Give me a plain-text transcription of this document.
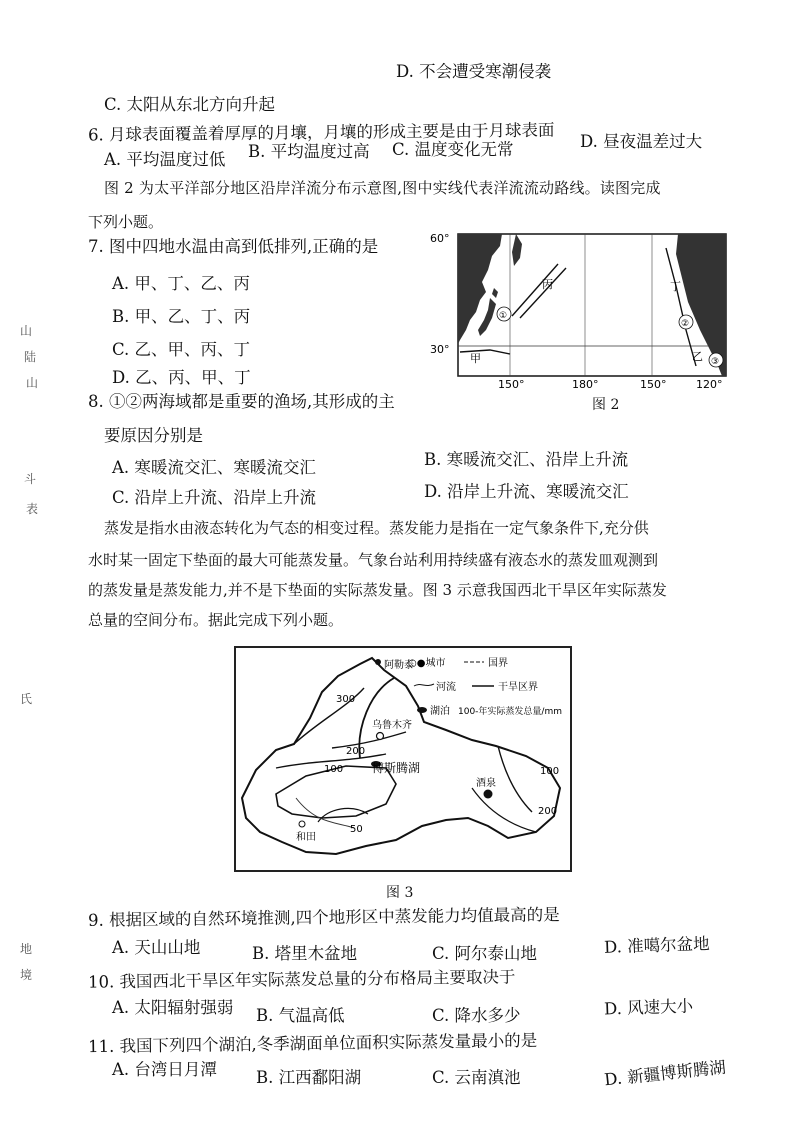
山
陆
山
斗
表
氏
地
境
D. 不会遭受寒潮侵袭
C. 太阳从东北方向升起
6. 月球表面覆盖着厚厚的月壤，月壤的形成主要是由于月球表面
A. 平均温度过低 B. 平均温度过高 C. 温度变化无常	D. 昼夜温差过大
图 2 为太平洋部分地区沿岸洋流分布示意图,图中实线代表洋流流动路线。读图完成
下列小题。
7. 图中四地水温由高到低排列,正确的是
A. 甲、丁、乙、丙
B. 甲、乙、丁、丙
C. 乙、甲、丙、丁
D. 乙、丙、甲、丁
60°
30°
150°	180°	150°	120°
甲
丙	丁
乙
①
②
③
图 2
8. ①②两海域都是重要的渔场,其形成的主
要原因分别是
A. 寒暖流交汇、寒暖流交汇	B. 寒暖流交汇、沿岸上升流
C. 沿岸上升流、沿岸上升流	D. 沿岸上升流、寒暖流交汇
蒸发是指水由液态转化为气态的相变过程。蒸发能力是指在一定气象条件下,充分供
水时某一固定下垫面的最大可能蒸发量。气象台站利用持续盛有液态水的蒸发皿观测到
的蒸发量是蒸发能力,并不是下垫面的实际蒸发量。图 3 示意我国西北干旱区年实际蒸发
总量的空间分布。据此完成下列小题。
○●城市	国界
河流	干旱区界
湖泊 100-年实际蒸发总量/mm
阿勒泰
乌鲁木齐
酒泉
和田
博斯腾湖
300
200
100
50
100
200
图 3
9. 根据区域的自然环境推测,四个地形区中蒸发能力均值最高的是
A. 天山山地	B. 塔里木盆地	C. 阿尔泰山地	D. 准噶尔盆地
10. 我国西北干旱区年实际蒸发总量的分布格局主要取决于
A. 太阳辐射强弱 B. 气温高低	C. 降水多少	D. 风速大小
11. 我国下列四个湖泊,冬季湖面单位面积实际蒸发量最小的是
A. 台湾日月潭 B. 江西鄱阳湖	C. 云南滇池	D. 新疆博斯腾湖
